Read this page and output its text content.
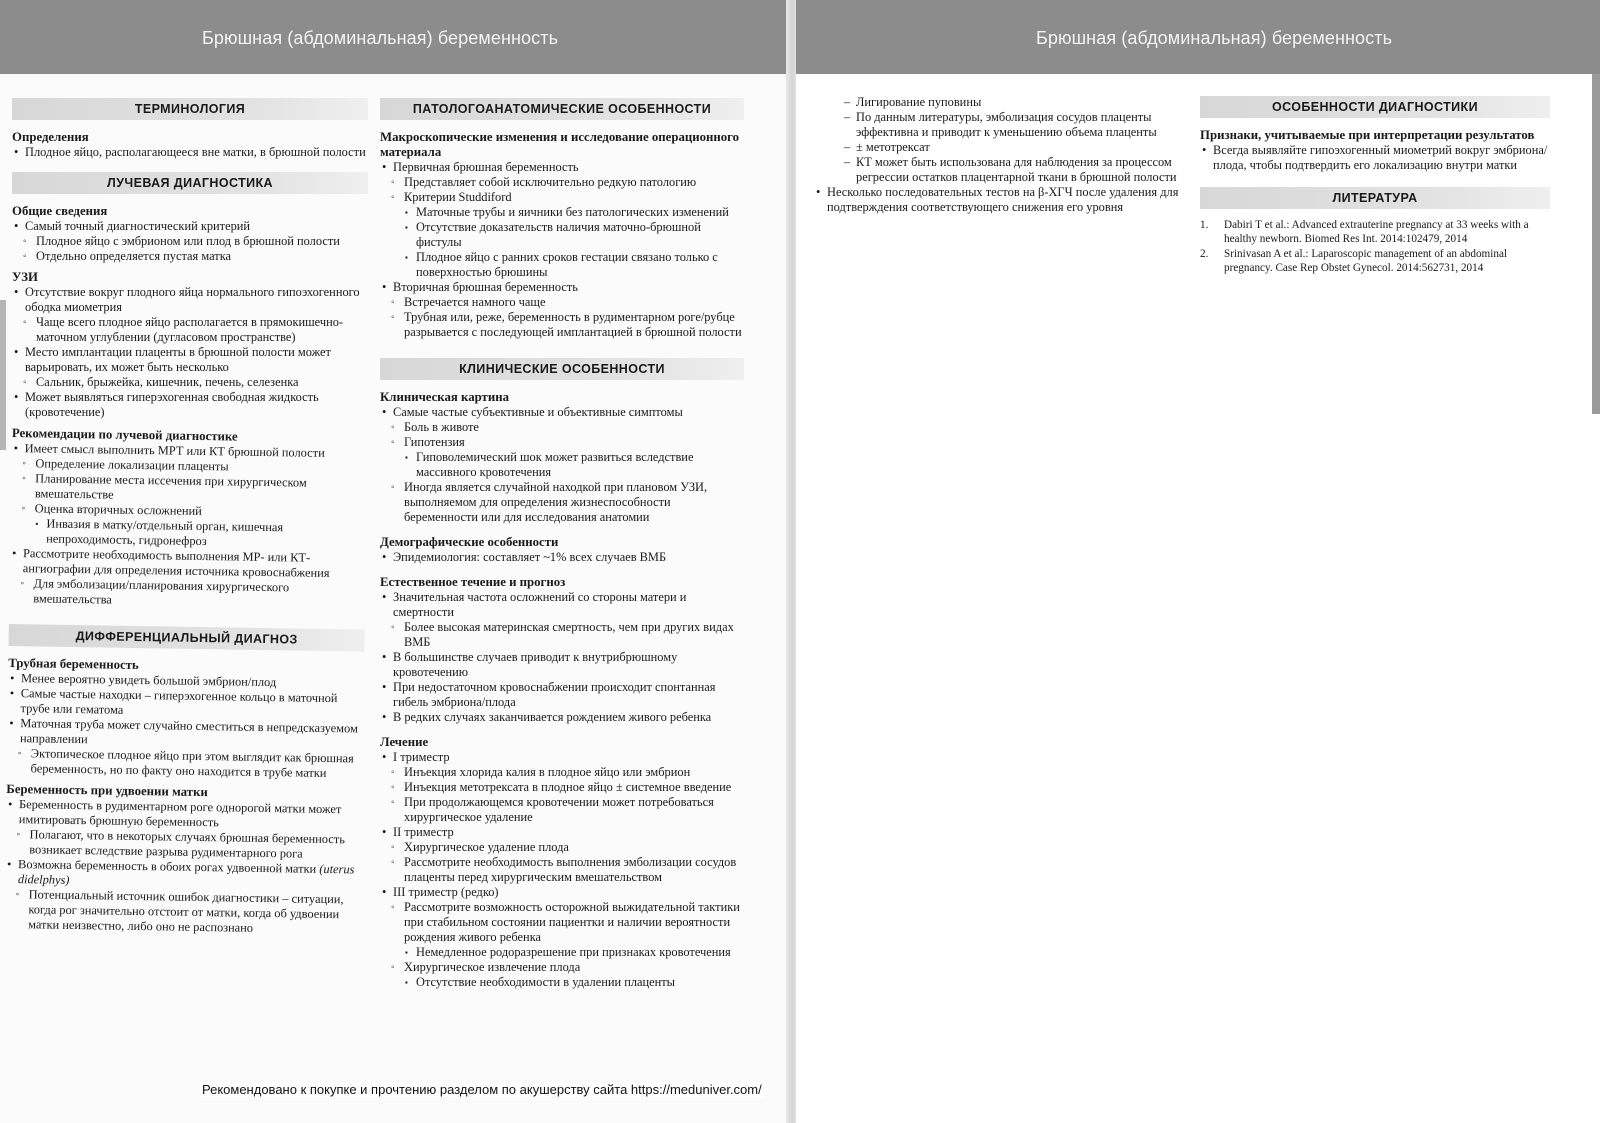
Брюшная (абдоминальная) беременность
ТЕРМИНОЛОГИЯ
Определения
• Плодное яйцо, располагающееся вне матки, в брюшной полости
ЛУЧЕВАЯ ДИАГНОСТИКА
Общие сведения
• Самый точный диагностический критерий
◦ Плодное яйцо с эмбрионом или плод в брюшной полости
◦ Отдельно определяется пустая матка
УЗИ
• Отсутствие вокруг плодного яйца нормального гипоэхогенного ободка миометрия
◦ Чаще всего плодное яйцо располагается в прямокишечно-маточном углублении (дугласовом пространстве)
• Место имплантации плаценты в брюшной полости может варьировать, их может быть несколько
◦ Сальник, брыжейка, кишечник, печень, селезенка
• Может выявляться гиперэхогенная свободная жидкость (кровотечение)
Рекомендации по лучевой диагностике
• Имеет смысл выполнить МРТ или КТ брюшной полости
◦ Определение локализации плаценты
◦ Планирование места иссечения при хирургическом вмешательстве
◦ Оценка вторичных осложнений
▪ Инвазия в матку/отдельный орган, кишечная непроходимость, гидронефроз
• Рассмотрите необходимость выполнения МР- или КТ-ангиографии для определения источника кровоснабжения
◦ Для эмболизации/планирования хирургического вмешательства
ДИФФЕРЕНЦИАЛЬНЫЙ ДИАГНОЗ
Трубная беременность
• Менее вероятно увидеть большой эмбрион/плод
• Самые частые находки – гиперэхогенное кольцо в маточной трубе или гематома
• Маточная труба может случайно сместиться в непредсказуемом направлении
◦ Эктопическое плодное яйцо при этом выглядит как брюшная беременность, но по факту оно находится в трубе матки
Беременность при удвоении матки
• Беременность в рудиментарном роге однорогой матки может имитировать брюшную беременность
◦ Полагают, что в некоторых случаях брюшная беременность возникает вследствие разрыва рудиментарного рога
• Возможна беременность в обоих рогах удвоенной матки (uterus didelphys)
◦ Потенциальный источник ошибок диагностики – ситуации, когда рог значительно отстоит от матки, когда об удвоении матки неизвестно, либо оно не распознано
ПАТОЛОГОАНАТОМИЧЕСКИЕ ОСОБЕННОСТИ
Макроскопические изменения и исследование операционного материала
• Первичная брюшная беременность
◦ Представляет собой исключительно редкую патологию
◦ Критерии Studdiford
▪ Маточные трубы и яичники без патологических изменений
▪ Отсутствие доказательств наличия маточно-брюшной фистулы
▪ Плодное яйцо с ранних сроков гестации связано только с поверхностью брюшины
• Вторичная брюшная беременность
◦ Встречается намного чаще
◦ Трубная или, реже, беременность в рудиментарном роге/рубце разрывается с последующей имплантацией в брюшной полости
КЛИНИЧЕСКИЕ ОСОБЕННОСТИ
Клиническая картина
• Самые частые субъективные и объективные симптомы
◦ Боль в животе
◦ Гипотензия
▪ Гиповолемический шок может развиться вследствие массивного кровотечения
◦ Иногда является случайной находкой при плановом УЗИ, выполняемом для определения жизнеспособности беременности или для исследования анатомии
Демографические особенности
• Эпидемиология: составляет ~1% всех случаев ВМБ
Естественное течение и прогноз
• Значительная частота осложнений со стороны матери и смертности
◦ Более высокая материнская смертность, чем при других видах ВМБ
• В большинстве случаев приводит к внутрибрюшному кровотечению
• При недостаточном кровоснабжении происходит спонтанная гибель эмбриона/плода
• В редких случаях заканчивается рождением живого ребенка
Лечение
• I триместр
◦ Инъекция хлорида калия в плодное яйцо или эмбрион
◦ Инъекция метотрексата в плодное яйцо ± системное введение
◦ При продолжающемся кровотечении может потребоваться хирургическое удаление
• II триместр
◦ Хирургическое удаление плода
◦ Рассмотрите необходимость выполнения эмболизации сосудов плаценты перед хирургическим вмешательством
• III триместр (редко)
◦ Рассмотрите возможность осторожной выжидательной тактики при стабильном состоянии пациентки и наличии вероятности рождения живого ребенка
▪ Немедленное родоразрешение при признаках кровотечения
◦ Хирургическое извлечение плода
▪ Отсутствие необходимости в удалении плаценты
Брюшная (абдоминальная) беременность
– Лигирование пуповины
– По данным литературы, эмболизация сосудов плаценты эффективна и приводит к уменьшению объема плаценты
– ± метотрексат
– КТ может быть использована для наблюдения за процессом регрессии остатков плацентарной ткани в брюшной полости
• Несколько последовательных тестов на β-ХГЧ после удаления для подтверждения соответствующего снижения его уровня
ОСОБЕННОСТИ ДИАГНОСТИКИ
Признаки, учитываемые при интерпретации результатов
• Всегда выявляйте гипоэхогенный миометрий вокруг эмбриона/плода, чтобы подтвердить его локализацию внутри матки
ЛИТЕРАТУРА
1. Dabiri T et al.: Advanced extrauterine pregnancy at 33 weeks with a healthy newborn. Biomed Res Int. 2014:102479, 2014
2. Srinivasan A et al.: Laparoscopic management of an abdominal pregnancy. Case Rep Obstet Gynecol. 2014:562731, 2014
Рекомендовано к покупке и прочтению разделом по акушерству сайта https://meduniver.com/
